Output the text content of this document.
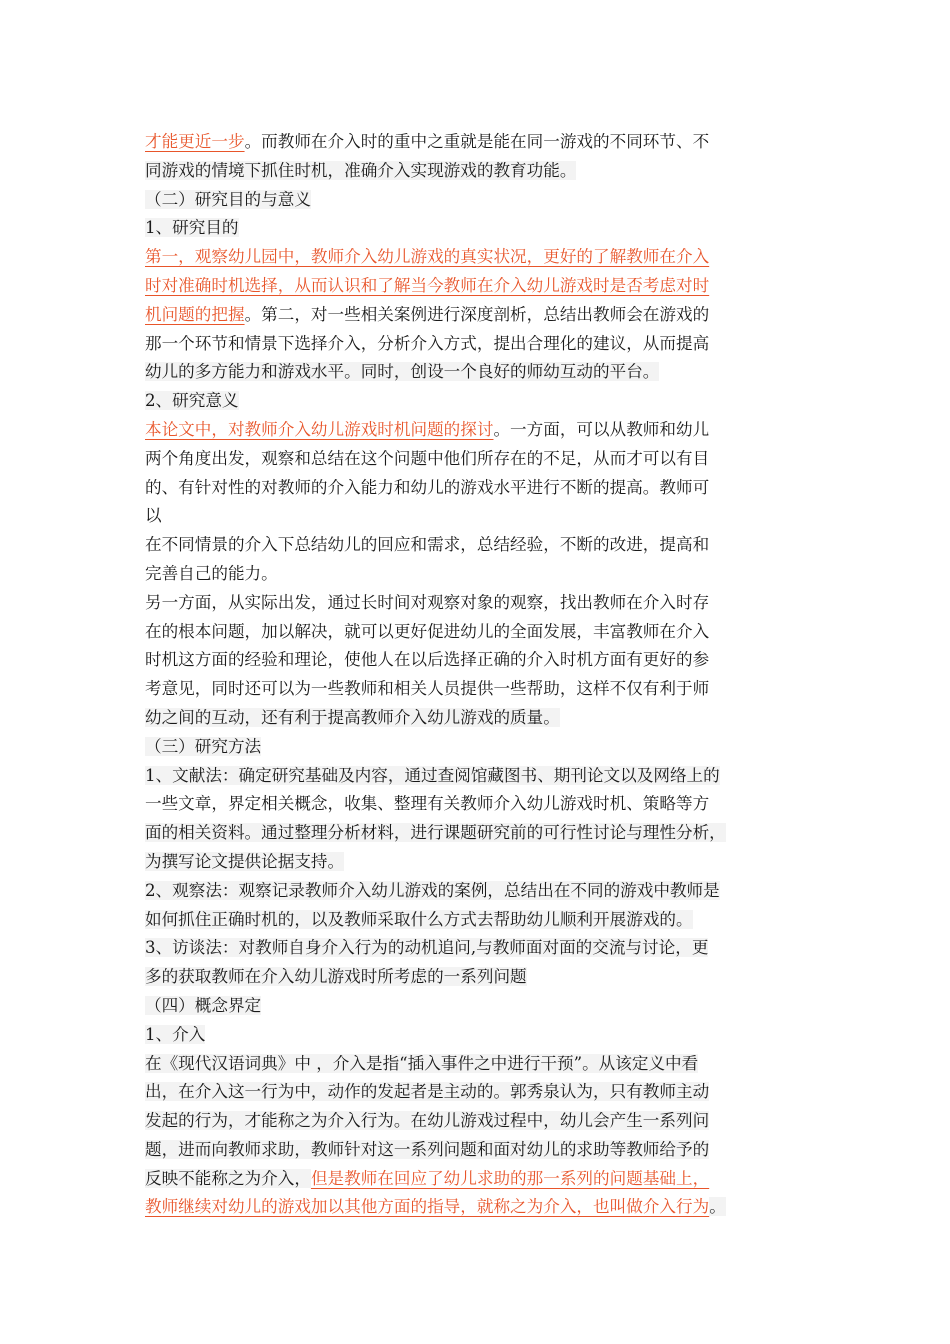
才能更近一步。而教师在介入时的重中之重就是能在同一游戏的不同环节、不
同游戏的情境下抓住时机，准确介入实现游戏的教育功能。
（二）研究目的与意义
1、研究目的
第一，观察幼儿园中，教师介入幼儿游戏的真实状况，更好的了解教师在介入
时对准确时机选择，从而认识和了解当今教师在介入幼儿游戏时是否考虑对时
机问题的把握。第二，对一些相关案例进行深度剖析，总结出教师会在游戏的
那一个环节和情景下选择介入，分析介入方式，提出合理化的建议，从而提高
幼儿的多方能力和游戏水平。同时，创设一个良好的师幼互动的平台。
2、研究意义
本论文中，对教师介入幼儿游戏时机问题的探讨。一方面，可以从教师和幼儿
两个角度出发，观察和总结在这个问题中他们所存在的不足，从而才可以有目
的、有针对性的对教师的介入能力和幼儿的游戏水平进行不断的提高。教师可
以
在不同情景的介入下总结幼儿的回应和需求，总结经验，不断的改进，提高和
完善自己的能力。
另一方面，从实际出发，通过长时间对观察对象的观察，找出教师在介入时存
在的根本问题，加以解决，就可以更好促进幼儿的全面发展，丰富教师在介入
时机这方面的经验和理论，使他人在以后选择正确的介入时机方面有更好的参
考意见，同时还可以为一些教师和相关人员提供一些帮助，这样不仅有利于师
幼之间的互动，还有利于提高教师介入幼儿游戏的质量。
（三）研究方法
1、文献法：确定研究基础及内容，通过查阅馆藏图书、期刊论文以及网络上的
一些文章，界定相关概念，收集、整理有关教师介入幼儿游戏时机、策略等方
面的相关资料。通过整理分析材料，进行课题研究前的可行性讨论与理性分析，
为撰写论文提供论据支持。
2、观察法：观察记录教师介入幼儿游戏的案例，总结出在不同的游戏中教师是
如何抓住正确时机的，以及教师采取什么方式去帮助幼儿顺利开展游戏的。
3、访谈法：对教师自身介入行为的动机追问,与教师面对面的交流与讨论，更
多的获取教师在介入幼儿游戏时所考虑的一系列问题
（四）概念界定
1、介入
在《现代汉语词典》中 ，介入是指“插入事件之中进行干预”。从该定义中看
出，在介入这一行为中，动作的发起者是主动的。郭秀泉认为，只有教师主动
发起的行为，才能称之为介入行为。在幼儿游戏过程中，幼儿会产生一系列问
题，进而向教师求助，教师针对这一系列问题和面对幼儿的求助等教师给予的
反映不能称之为介入，但是教师在回应了幼儿求助的那一系列的问题基础上，
教师继续对幼儿的游戏加以其他方面的指导，就称之为介入，也叫做介入行为。
